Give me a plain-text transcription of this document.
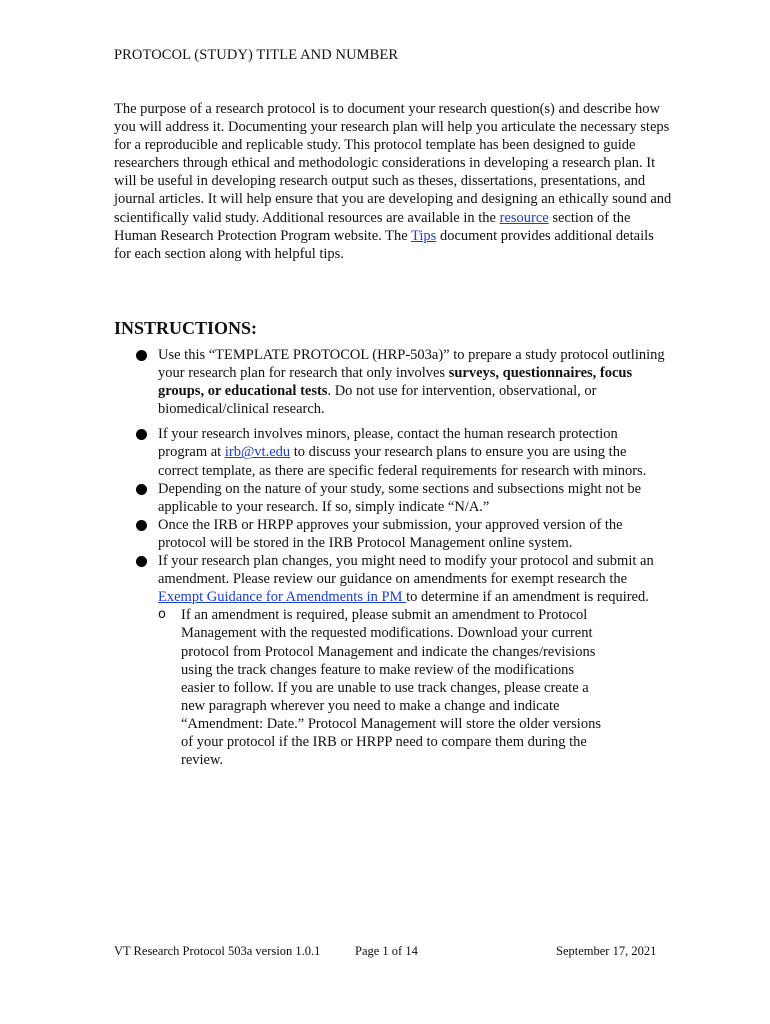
PROTOCOL (STUDY) TITLE AND NUMBER

The purpose of a research protocol is to document your research question(s) and describe how you will address it. Documenting your research plan will help you articulate the necessary steps for a reproducible and replicable study. This protocol template has been designed to guide researchers through ethical and methodologic considerations in developing a research plan. It will be useful in developing research output such as theses, dissertations, presentations, and journal articles. It will help ensure that you are developing and designing an ethically sound and scientifically valid study. Additional resources are available in the resource section of the Human Research Protection Program website. The Tips document provides additional details for each section along with helpful tips.

INSTRUCTIONS:
Use this “TEMPLATE PROTOCOL (HRP-503a)” to prepare a study protocol outlining your research plan for research that only involves surveys, questionnaires, focus groups, or educational tests. Do not use for intervention, observational, or biomedical/clinical research.
If your research involves minors, please, contact the human research protection program at irb@vt.edu to discuss your research plans to ensure you are using the correct template, as there are specific federal requirements for research with minors.
Depending on the nature of your study, some sections and subsections might not be applicable to your research. If so, simply indicate “N/A.”
Once the IRB or HRPP approves your submission, your approved version of the protocol will be stored in the IRB Protocol Management online system.
If your research plan changes, you might need to modify your protocol and submit an amendment. Please review our guidance on amendments for exempt research the Exempt Guidance for Amendments in PM to determine if an amendment is required.
o If an amendment is required, please submit an amendment to Protocol Management with the requested modifications. Download your current protocol from Protocol Management and indicate the changes/revisions using the track changes feature to make review of the modifications easier to follow. If you are unable to use track changes, please create a new paragraph wherever you need to make a change and indicate “Amendment: Date.” Protocol Management will store the older versions of your protocol if the IRB or HRPP need to compare them during the review.
VT Research Protocol 503a version 1.0.1	Page 1 of 14	September 17, 2021
